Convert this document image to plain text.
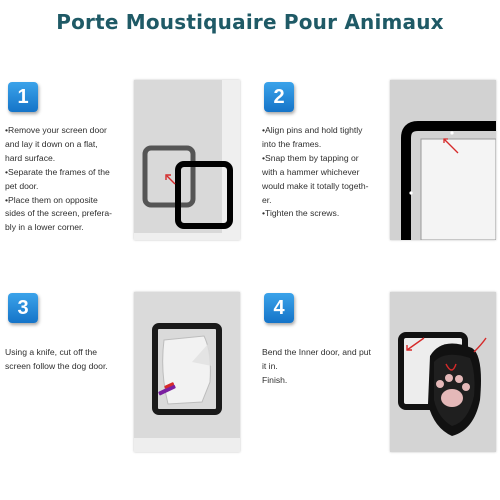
Porte Moustiquaire Pour Animaux
1
•Remove your screen door
and lay it down on a flat,
hard surface.
•Separate the frames of the
pet door.
•Place them on opposite
sides of the screen, prefera-
bly in a lower corner.
2
•Align pins and hold tightly
into the frames.
•Snap them by tapping or
with a hammer whichever
would make it totally togeth-
er.
•Tighten the screws.
3
Using a knife, cut off the
screen follow the dog door.
4
Bend the Inner door, and put
it in.
Finish.
